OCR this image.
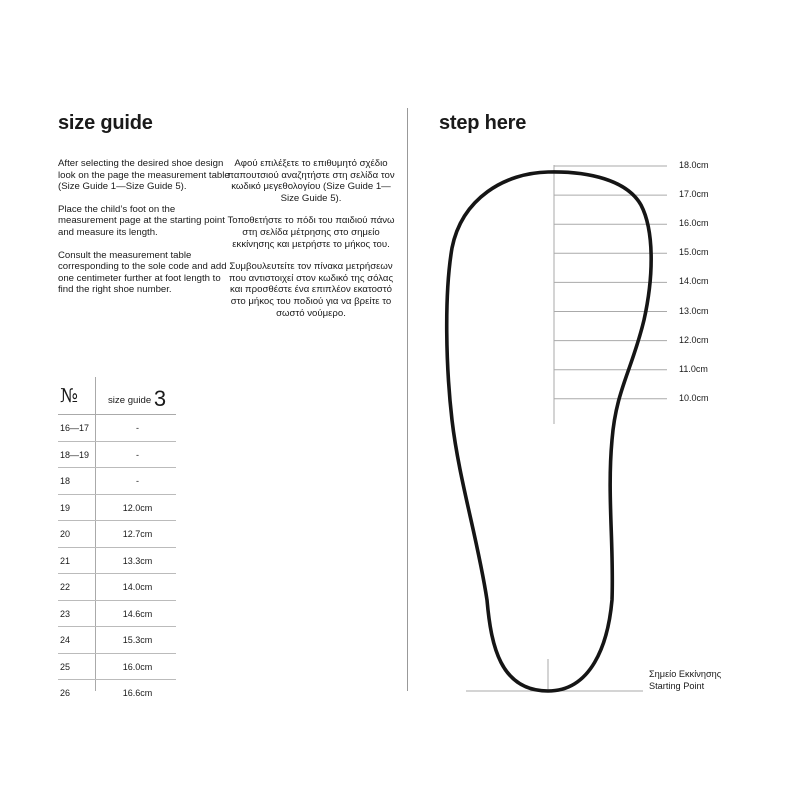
size guide

After selecting the desired shoe design look on the page the measurement table (Size Guide 1—Size Guide 5).

Place the child’s foot on the measurement page at the starting point and measure its length.

Consult the measurement table corresponding to the sole code and add one centimeter further at foot length to find the right shoe number.

Αφού επιλέξετε το επιθυμητό σχέδιο παπουτσιού αναζητήστε στη σελίδα τον κωδικό μεγεθολογίου (Size Guide 1—Size Guide 5).

Τοποθετήστε το πόδι του παιδιού πάνω στη σελίδα μέτρησης στο σημείο εκκίνησης και μετρήστε το μήκος του.

Συμβουλευτείτε τον πίνακα μετρήσεων που αντιστοιχεί στον κωδικό της σόλας και προσθέστε ένα επιπλέον εκατοστό στο μήκος του ποδιού για να βρείτε το σωστό νούμερο.

№	size guide 3
16—17	-
18—19	-
18	-
19	12.0cm
20	12.7cm
21	13.3cm
22	14.0cm
23	14.6cm
24	15.3cm
25	16.0cm
26	16.6cm
step here
18.0cm
17.0cm
16.0cm
15.0cm
14.0cm
13.0cm
12.0cm
11.0cm
10.0cm
Σημείο Εκκίνησης
Starting Point
